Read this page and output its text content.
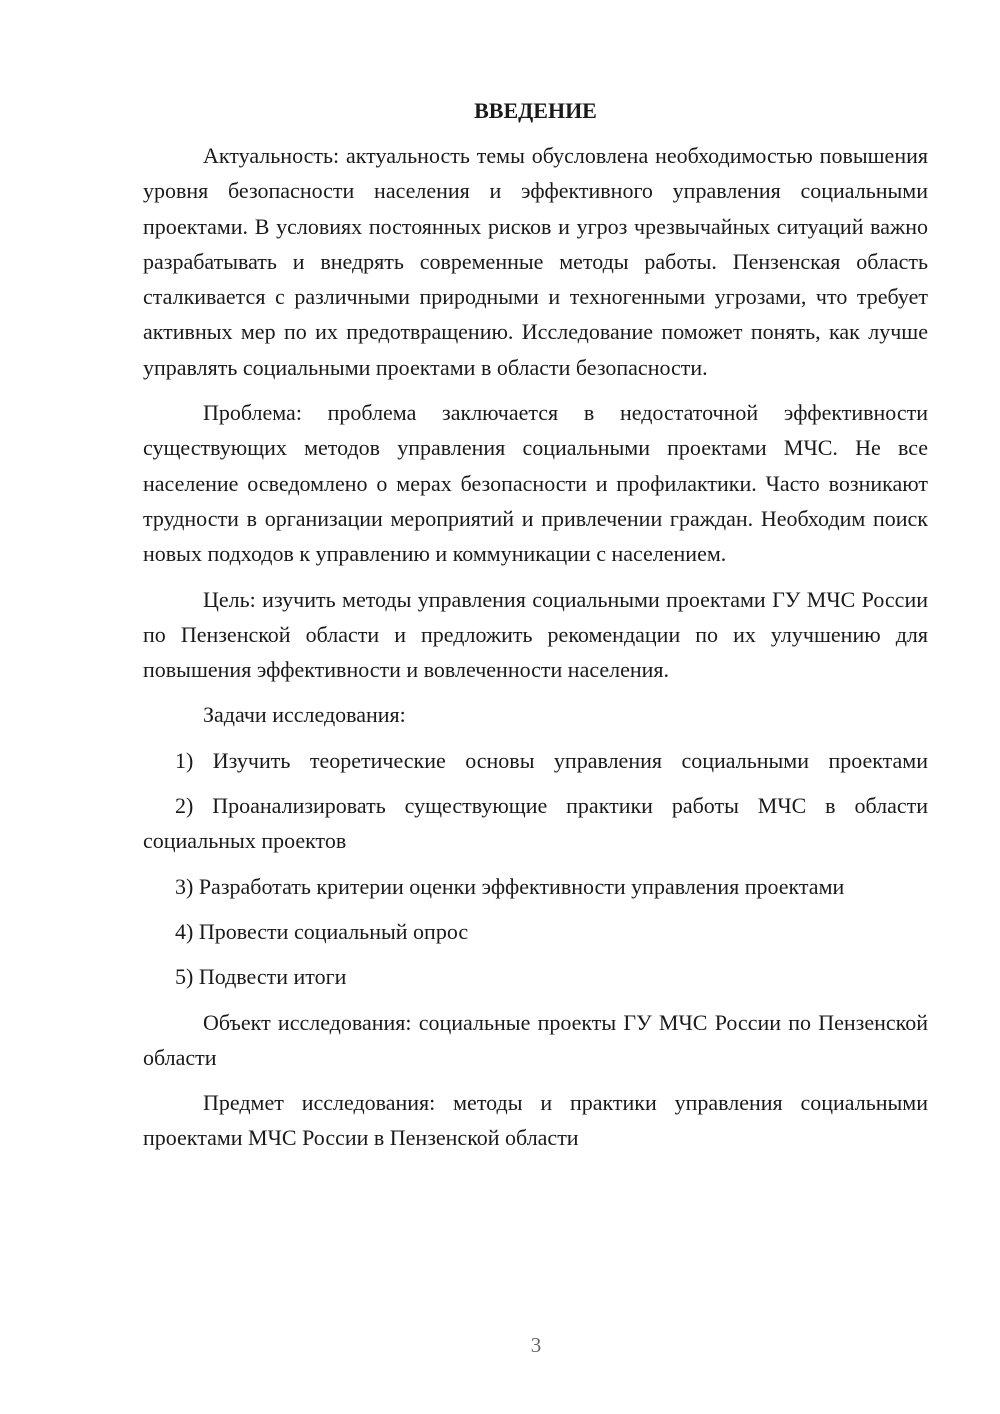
ВВЕДЕНИЕ

Актуальность: актуальность темы обусловлена необходимостью повышения уровня безопасности населения и эффективного управления социальными проектами. В условиях постоянных рисков и угроз чрезвычайных ситуаций важно разрабатывать и внедрять современные методы работы. Пензенская область сталкивается с различными природными и техногенными угрозами, что требует активных мер по их предотвращению. Исследование поможет понять, как лучше управлять социальными проектами в области безопасности.

Проблема: проблема заключается в недостаточной эффективности существующих методов управления социальными проектами МЧС. Не все население осведомлено о мерах безопасности и профилактики. Часто возникают трудности в организации мероприятий и привлечении граждан. Необходим поиск новых подходов к управлению и коммуникации с населением.

Цель: изучить методы управления социальными проектами ГУ МЧС России по Пензенской области и предложить рекомендации по их улучшению для повышения эффективности и вовлеченности населения.

Задачи исследования:

1) Изучить теоретические основы управления социальными проектами

2) Проанализировать существующие практики работы МЧС в области социальных проектов

3) Разработать критерии оценки эффективности управления проектами

4) Провести социальный опрос

5) Подвести итоги

Объект исследования: социальные проекты ГУ МЧС России по Пензенской области

Предмет исследования: методы и практики управления социальными проектами МЧС России в Пензенской области

3
